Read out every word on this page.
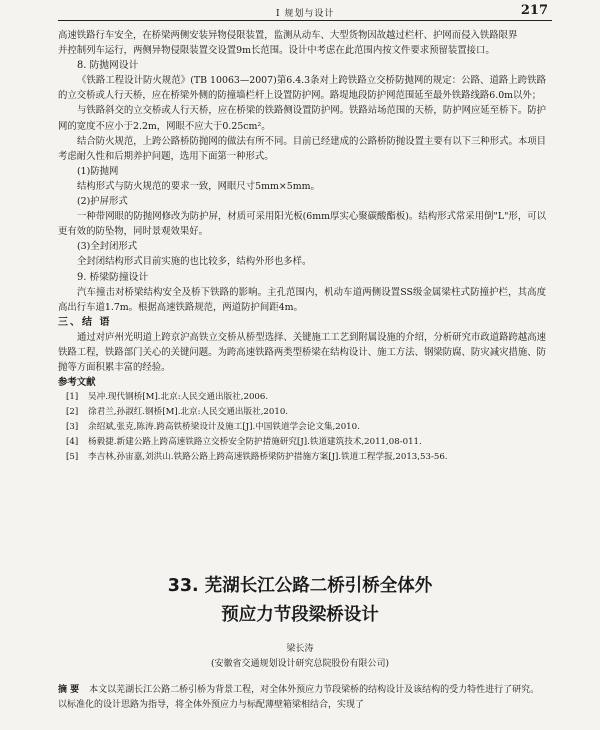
Ⅰ 规划与设计	217

高速铁路行车安全，在桥梁两侧安装异物侵限装置，监测从动车、大型货物因故越过栏杆、护网而侵入铁路限界

并控制列车运行，两侧异物侵限装置交设置9m长范围。设计中考虑在此范围内按文件要求预留装置接口。

8. 防抛网设计

《铁路工程设计防火规范》(TB 10063—2007)第6.4.3条对上跨铁路立交桥防抛网的规定：公路、道路上跨铁路的立交桥或人行天桥，应在桥梁外侧的防撞墙栏杆上设置防护网。路堤地段防护网范围延至最外铁路线路6.0m以外；

与铁路斜交的立交桥或人行天桥，应在桥梁的铁路侧设置防护网。铁路站场范围的天桥，防护网应延至桥下。防护网的宽度不应小于2.2m，网眼不应大于0.25cm²。

结合防火规范，上跨公路桥防抛网的做法有所不同。目前已经建成的公路桥防抛设置主要有以下三种形式。本项目考虑耐久性和后期养护问题，选用下面第一种形式。

(1)防抛网

结构形式与防火规范的要求一致，网眼尺寸5mm×5mm。

(2)护屏形式

一种带网眼的防抛网修改为防护屏，材质可采用阳光板(6mm厚实心聚碳酸酯板)。结构形式常采用倒"L"形，可以更有效的防坠物，同时景观效果好。

(3)全封闭形式

全封闭结构形式目前实施的也比较多，结构外形也多样。

9. 桥梁防撞设计

汽车撞击对桥梁结构安全及桥下铁路的影响。主孔范围内，机动车道两侧设置SS级金属梁柱式防撞护栏，其高度高出行车道1.7m。根据高速铁路规范，两道防护间距4m。

三、结 语

通过对庐州光明道上跨京沪高铁立交桥从桥型选择、关键施工工艺到附属设施的介绍，分析研究市政道路跨越高速铁路工程，铁路部门关心的关键问题。为跨高速铁路两类型桥梁在结构设计、施工方法、钢梁防腐、防灾减灾措施、防抛等方面积累丰富的经验。

参考文献

[1] 吴冲.现代钢桥[M].北京:人民交通出版社,2006.
[2] 徐君兰,孙淑红.钢桥[M].北京:人民交通出版社,2010.
[3] 余绍斌,张克,陈涛.跨高铁桥梁设计及施工[J].中国铁道学会论文集,2010.
[4] 杨毅捷.新建公路上跨高速铁路立交桥安全防护措施研究[J].铁道建筑技术,2011,08-011.
[5] 李吉林,孙宙嘉,刘洪山.铁路公路上跨高速铁路桥梁防护措施方案[J].铁道工程学报,2013,53-56.
33. 芜湖长江公路二桥引桥全体外
预应力节段梁桥设计
梁长涛
(安徽省交通规划设计研究总院股份有限公司)
摘 要 本文以芜湖长江公路二桥引桥为背景工程，对全体外预应力节段梁桥的结构设计及该结构的受力特性进行了研究。以标准化的设计思路为指导，将全体外预应力与标配薄壁箱梁相结合，实现了
